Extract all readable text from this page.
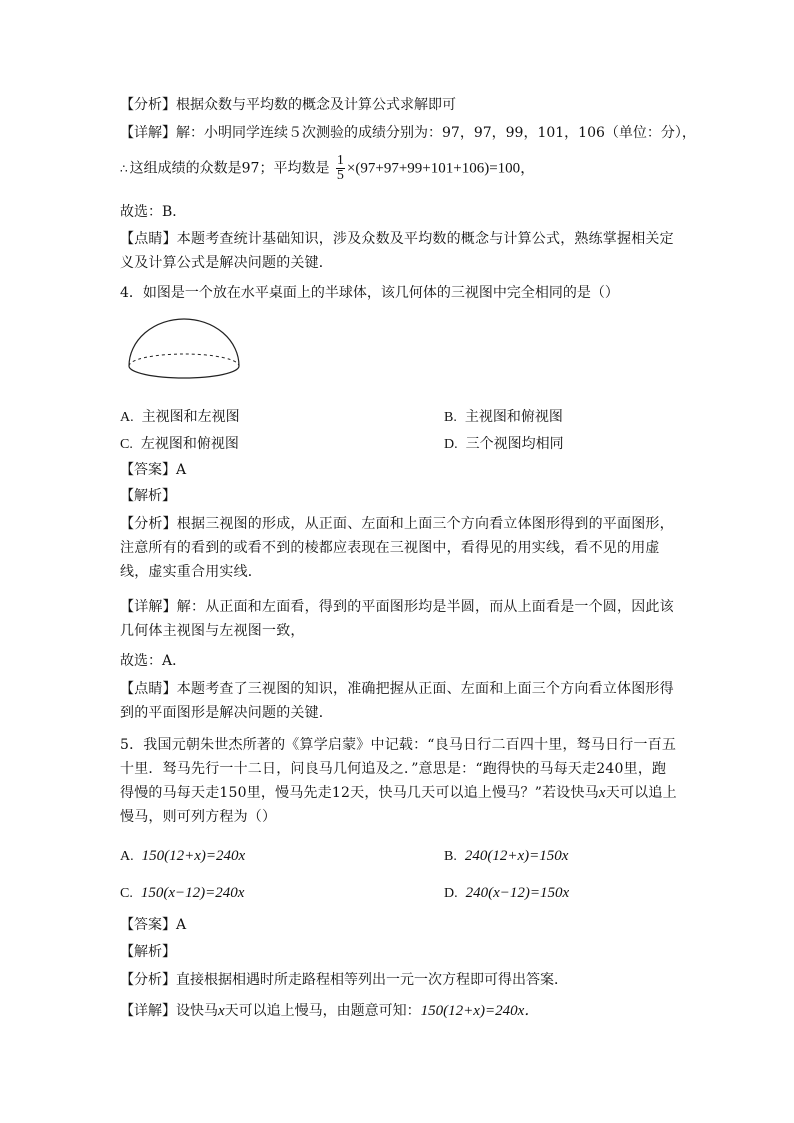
【分析】根据众数与平均数的概念及计算公式求解即可
【详解】解：小明同学连续５次测验的成绩分别为：97，97，99，101，106（单位：分），
∴ 这组成绩的众数是97；平均数是 $\frac{1}{5} \times(97+97+99+101+106)=100$，
故选：B．
【点睛】本题考查统计基础知识，涉及众数及平均数的概念与计算公式，熟练掌握相关定义及计算公式是解决问题的关键．
4．如图是一个放在水平桌面上的半球体，该几何体的三视图中完全相同的是（）
A. 主视图和左视图	B. 主视图和俯视图
C. 左视图和俯视图	D. 三个视图均相同
【答案】A
【解析】
【分析】根据三视图的形成，从正面、左面和上面三个方向看立体图形得到的平面图形，注意所有的看到的或看不到的棱都应表现在三视图中，看得见的用实线，看不见的用虚线，虚实重合用实线．
【详解】解：从正面和左面看，得到的平面图形均是半圆，而从上面看是一个圆，因此该几何体主视图与左视图一致，
故选：A．
【点睛】本题考查了三视图的知识，准确把握从正面、左面和上面三个方向看立体图形得到的平面图形是解决问题的关键．
5．我国元朝朱世杰所著的《算学启蒙》中记载：“良马日行二百四十里，驽马日行一百五十里．驽马先行一十二日，问良马几何追及之．”意思是：“跑得快的马每天走240里，跑得慢的马每天走150里，慢马先走12天，快马几天可以追上慢马？”若设快马x天可以追上慢马，则可列方程为（）
A. 150(12+x)=240x	B. 240(12+x)=150x
C. 150(x−12)=240x	D. 240(x−12)=150x
【答案】A
【解析】
【分析】直接根据相遇时所走路程相等列出一元一次方程即可得出答案．
【详解】设快马x天可以追上慢马，由题意可知：150(12+x)=240x．
